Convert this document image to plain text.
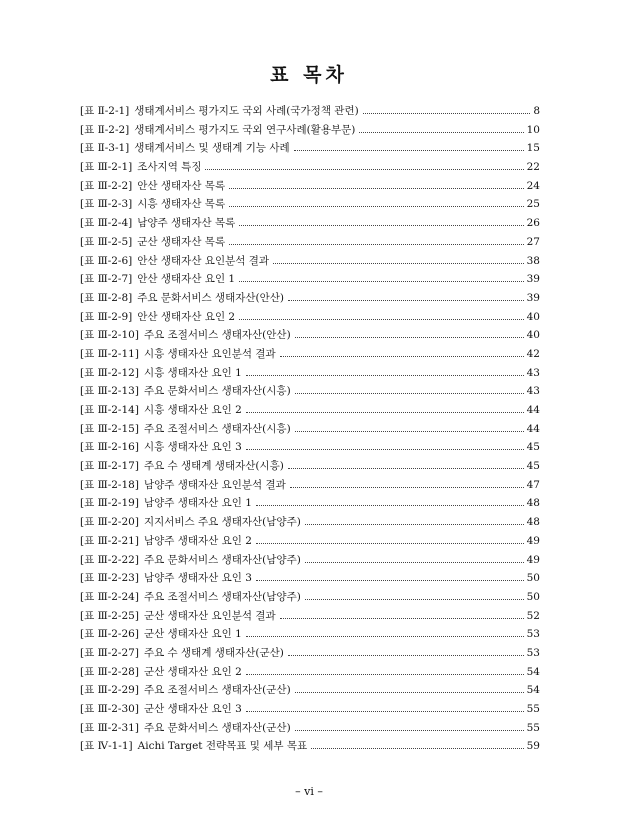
표 목차
[표 Ⅱ-2-1] 생태계서비스 평가지도 국외 사례(국가정책 관련)	8
[표 Ⅱ-2-2] 생태계서비스 평가지도 국외 연구사례(활용부문)	10
[표 Ⅱ-3-1] 생태계서비스 및 생태계 기능 사례	15
[표 Ⅲ-2-1] 조사지역 특징	22
[표 Ⅲ-2-2] 안산 생태자산 목록	24
[표 Ⅲ-2-3] 시흥 생태자산 목록	25
[표 Ⅲ-2-4] 남양주 생태자산 목록	26
[표 Ⅲ-2-5] 군산 생태자산 목록	27
[표 Ⅲ-2-6] 안산 생태자산 요인분석 결과	38
[표 Ⅲ-2-7] 안산 생태자산 요인 1	39
[표 Ⅲ-2-8] 주요 문화서비스 생태자산(안산)	39
[표 Ⅲ-2-9] 안산 생태자산 요인 2	40
[표 Ⅲ-2-10] 주요 조절서비스 생태자산(안산)	40
[표 Ⅲ-2-11] 시흥 생태자산 요인분석 결과	42
[표 Ⅲ-2-12] 시흥 생태자산 요인 1	43
[표 Ⅲ-2-13] 주요 문화서비스 생태자산(시흥)	43
[표 Ⅲ-2-14] 시흥 생태자산 요인 2	44
[표 Ⅲ-2-15] 주요 조절서비스 생태자산(시흥)	44
[표 Ⅲ-2-16] 시흥 생태자산 요인 3	45
[표 Ⅲ-2-17] 주요 수 생태계 생태자산(시흥)	45
[표 Ⅲ-2-18] 남양주 생태자산 요인분석 결과	47
[표 Ⅲ-2-19] 남양주 생태자산 요인 1	48
[표 Ⅲ-2-20] 지지서비스 주요 생태자산(남양주)	48
[표 Ⅲ-2-21] 남양주 생태자산 요인 2	49
[표 Ⅲ-2-22] 주요 문화서비스 생태자산(남양주)	49
[표 Ⅲ-2-23] 남양주 생태자산 요인 3	50
[표 Ⅲ-2-24] 주요 조절서비스 생태자산(남양주)	50
[표 Ⅲ-2-25] 군산 생태자산 요인분석 결과	52
[표 Ⅲ-2-26] 군산 생태자산 요인 1	53
[표 Ⅲ-2-27] 주요 수 생태계 생태자산(군산)	53
[표 Ⅲ-2-28] 군산 생태자산 요인 2	54
[표 Ⅲ-2-29] 주요 조절서비스 생태자산(군산)	54
[표 Ⅲ-2-30] 군산 생태자산 요인 3	55
[표 Ⅲ-2-31] 주요 문화서비스 생태자산(군산)	55
[표 Ⅳ-1-1] Aichi Target 전략목표 및 세부 목표	59
– vi –
